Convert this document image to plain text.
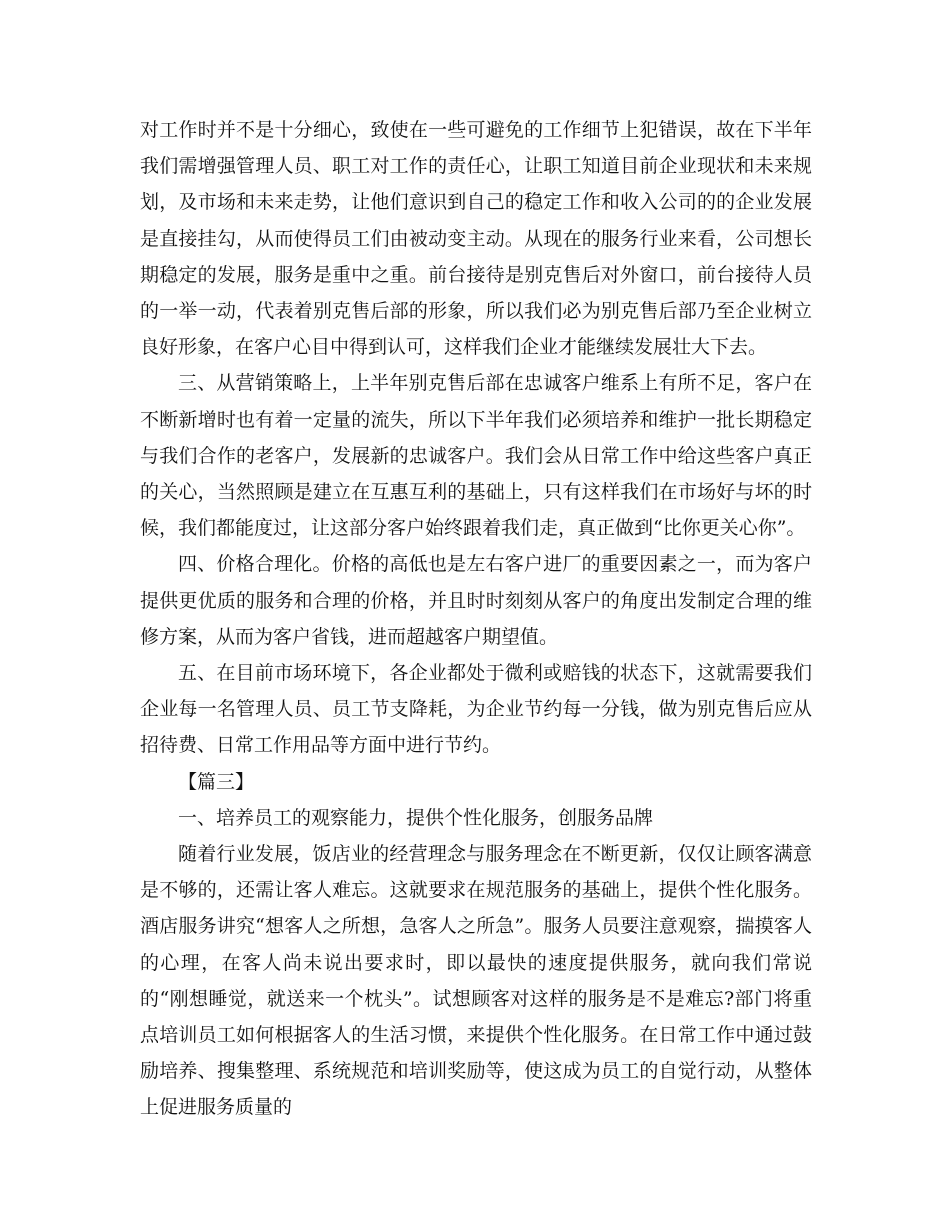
对工作时并不是十分细心，致使在一些可避免的工作细节上犯错误，故在下半年我们需增强管理人员、职工对工作的责任心，让职工知道目前企业现状和未来规划，及市场和未来走势，让他们意识到自己的稳定工作和收入公司的的企业发展是直接挂勾，从而使得员工们由被动变主动。从现在的服务行业来看，公司想长期稳定的发展，服务是重中之重。前台接待是别克售后对外窗口，前台接待人员的一举一动，代表着别克售后部的形象，所以我们必为别克售后部乃至企业树立良好形象，在客户心目中得到认可，这样我们企业才能继续发展壮大下去。

三、从营销策略上，上半年别克售后部在忠诚客户维系上有所不足，客户在不断新增时也有着一定量的流失，所以下半年我们必须培养和维护一批长期稳定与我们合作的老客户，发展新的忠诚客户。我们会从日常工作中给这些客户真正的关心，当然照顾是建立在互惠互利的基础上，只有这样我们在市场好与坏的时候，我们都能度过，让这部分客户始终跟着我们走，真正做到“比你更关心你”。

四、价格合理化。价格的高低也是左右客户进厂的重要因素之一，而为客户提供更优质的服务和合理的价格，并且时时刻刻从客户的角度出发制定合理的维修方案，从而为客户省钱，进而超越客户期望值。

五、在目前市场环境下，各企业都处于微利或赔钱的状态下，这就需要我们企业每一名管理人员、员工节支降耗，为企业节约每一分钱，做为别克售后应从招待费、日常工作用品等方面中进行节约。

【篇三】

一、培养员工的观察能力，提供个性化服务，创服务品牌

随着行业发展，饭店业的经营理念与服务理念在不断更新，仅仅让顾客满意是不够的，还需让客人难忘。这就要求在规范服务的基础上，提供个性化服务。酒店服务讲究“想客人之所想，急客人之所急”。服务人员要注意观察，揣摸客人的心理，在客人尚未说出要求时，即以最快的速度提供服务，就向我们常说的“刚想睡觉，就送来一个枕头”。试想顾客对这样的服务是不是难忘?部门将重点培训员工如何根据客人的生活习惯，来提供个性化服务。在日常工作中通过鼓励培养、搜集整理、系统规范和培训奖励等，使这成为员工的自觉行动，从整体上促进服务质量的
